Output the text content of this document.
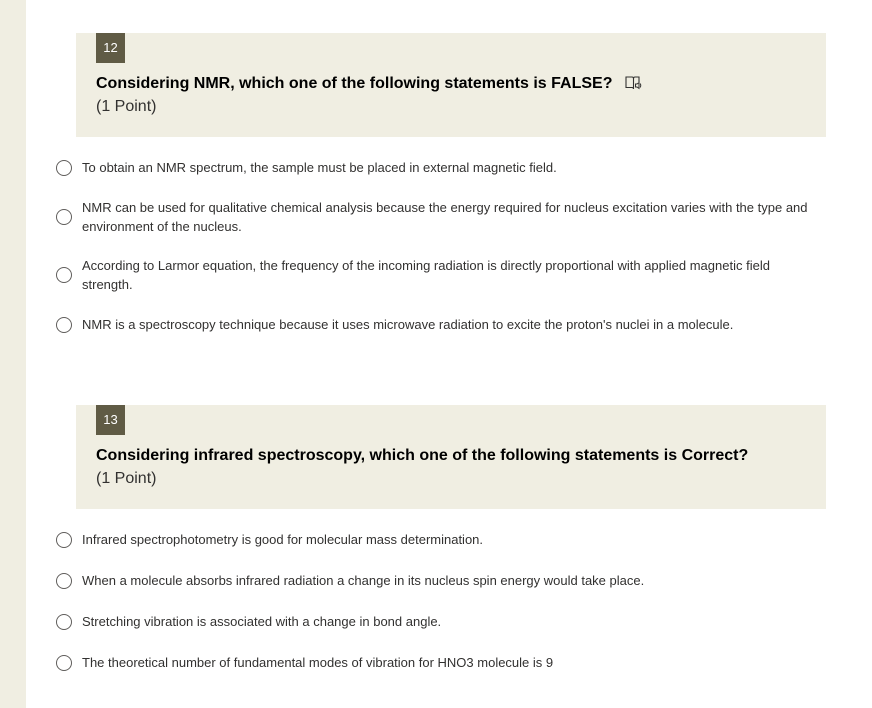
12
Considering NMR, which one of the following statements is FALSE?
(1 Point)
To obtain an NMR spectrum, the sample must be placed in external magnetic field.
NMR can be used for qualitative chemical analysis because the energy required for nucleus excitation varies with the type and environment of the nucleus.
According to Larmor equation, the frequency of the incoming radiation is directly proportional with applied magnetic field strength.
NMR is a spectroscopy technique because it uses microwave radiation to excite the proton's nuclei in a molecule.
13
Considering infrared spectroscopy, which one of the following statements is Correct?
(1 Point)
Infrared spectrophotometry is good for molecular mass determination.
When a molecule absorbs infrared radiation a change in its nucleus spin energy would take place.
Stretching vibration is associated with a change in bond angle.
The theoretical number of fundamental modes of vibration for HNO3 molecule is 9
